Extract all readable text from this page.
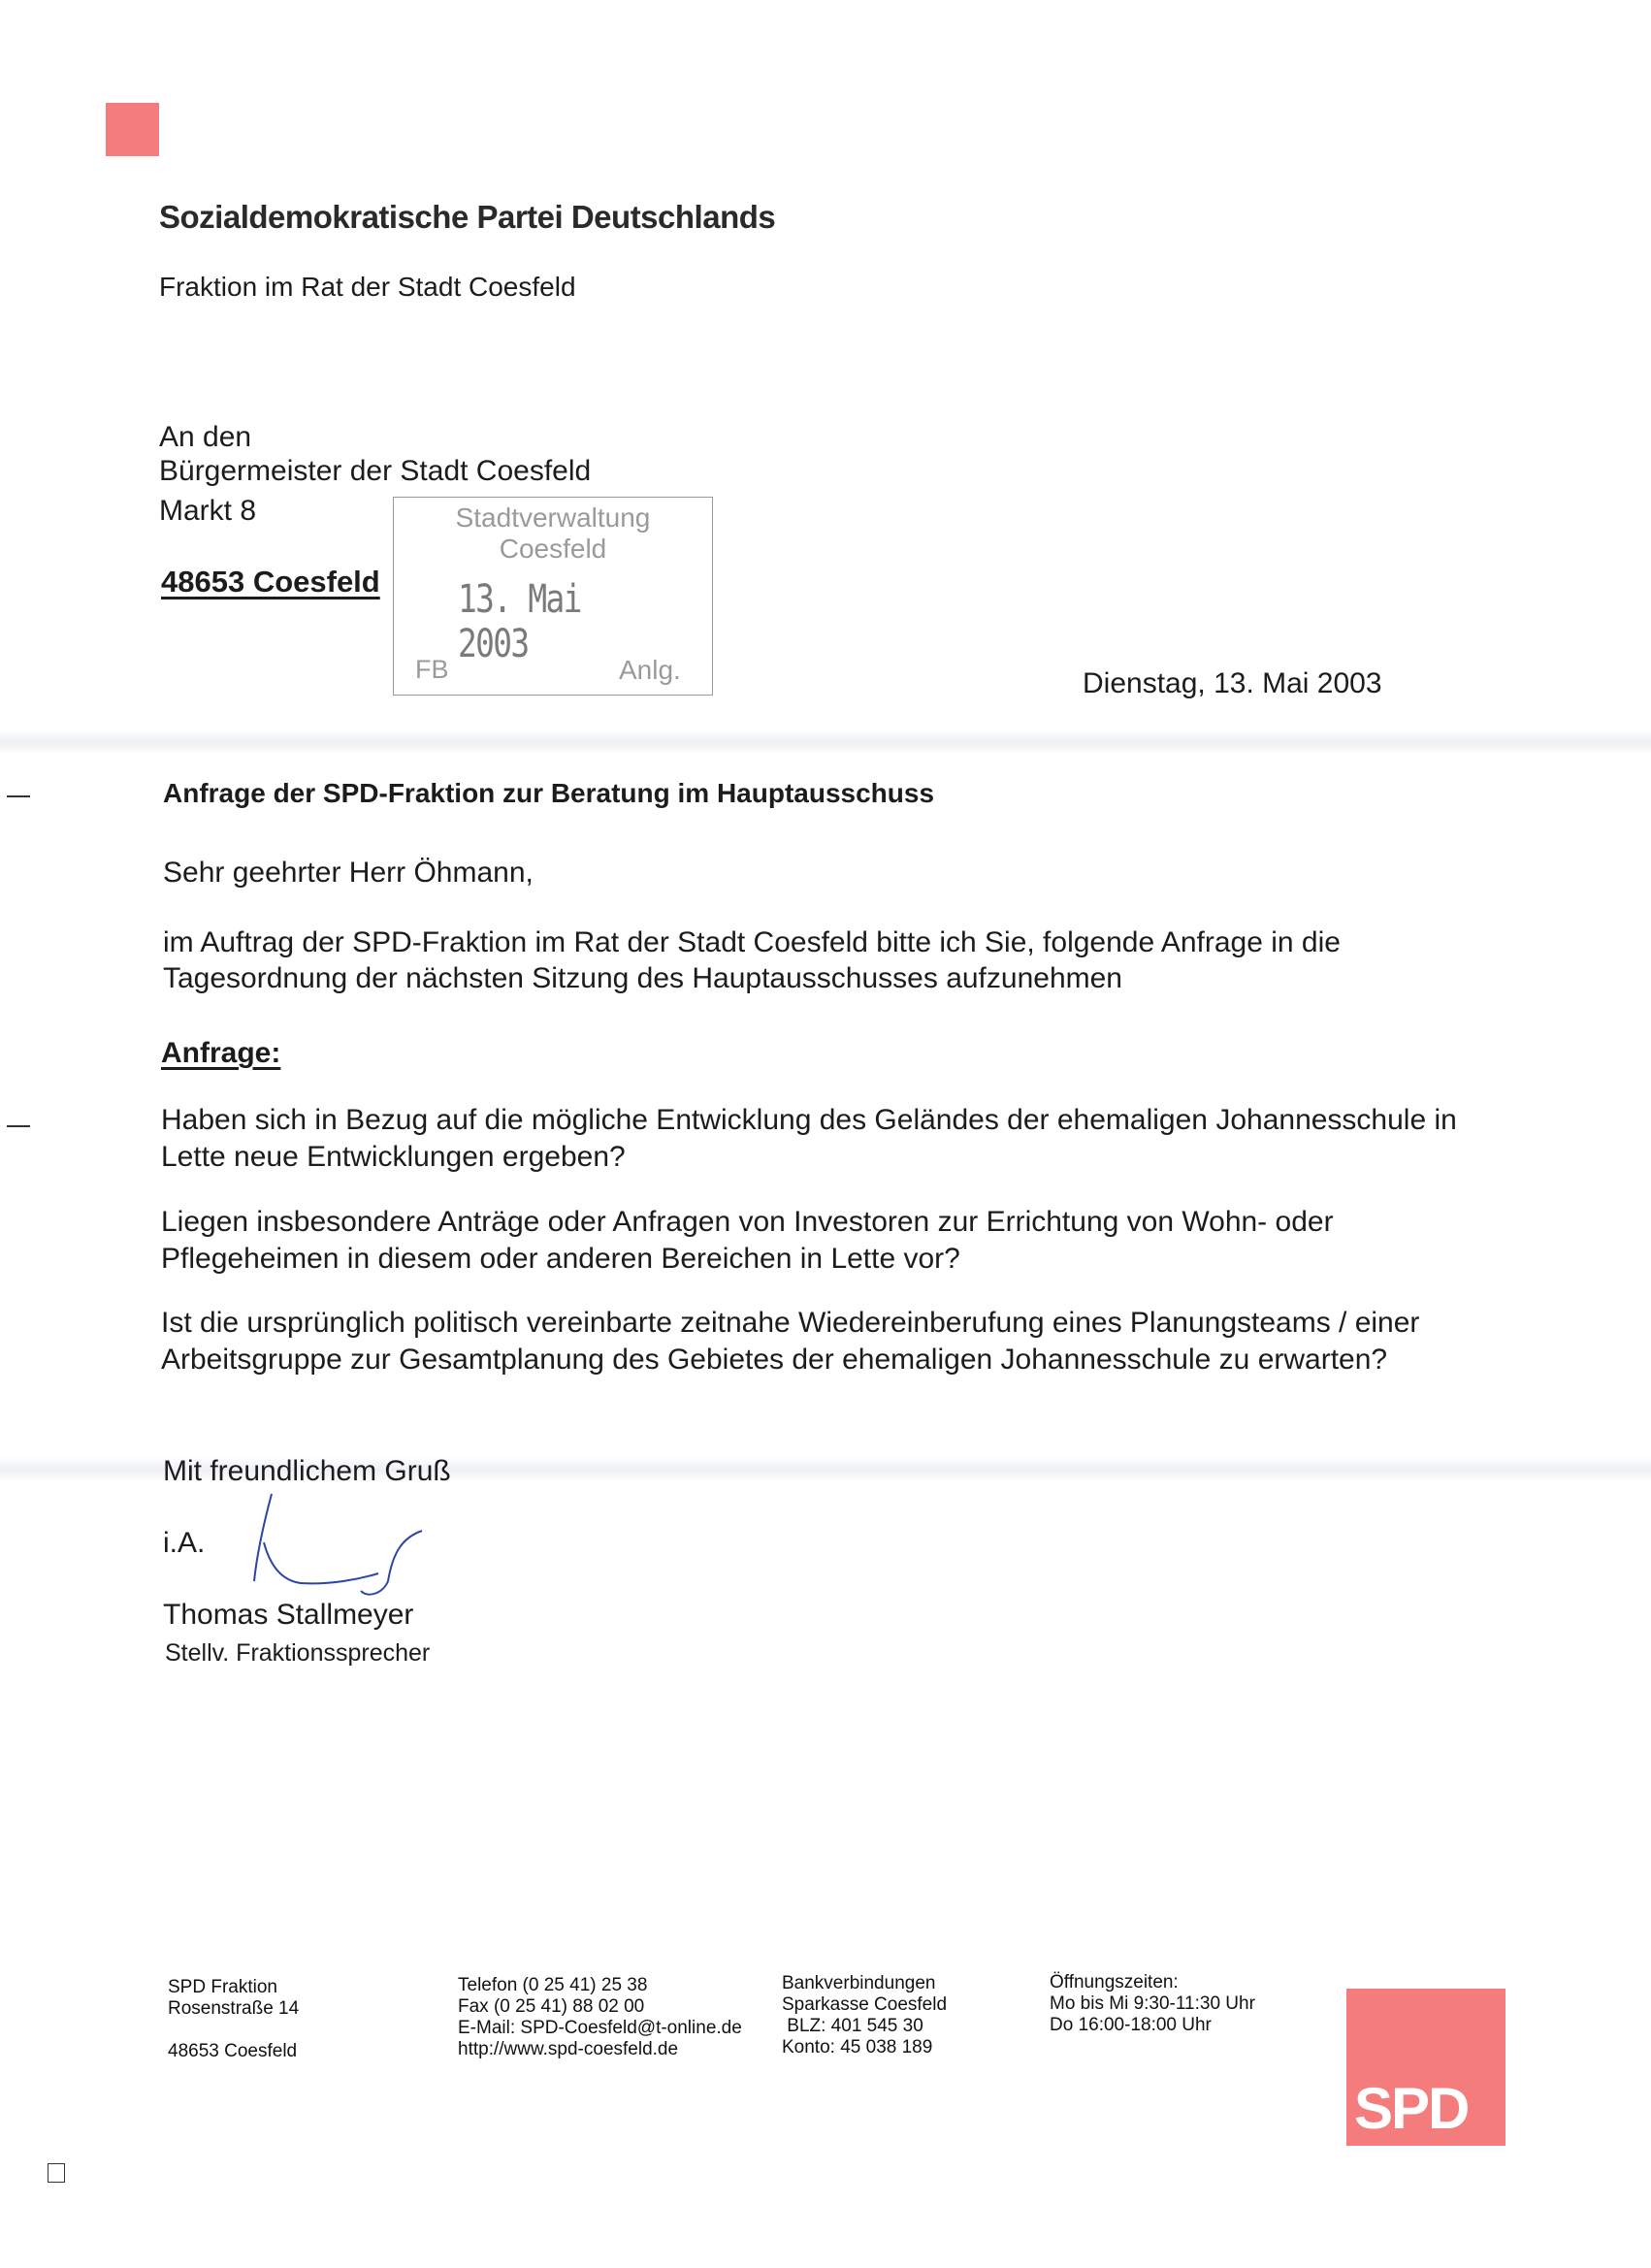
Sozialdemokratische Partei Deutschlands
Fraktion im Rat der Stadt Coesfeld
An den
Bürgermeister der Stadt Coesfeld
Markt 8
48653 Coesfeld
Stadtverwaltung
Coesfeld
13. Mai 2003
FB	Anlg.	Dienstag, 13. Mai 2003
Anfrage der SPD-Fraktion zur Beratung im Hauptausschuss
Sehr geehrter Herr Öhmann,
im Auftrag der SPD-Fraktion im Rat der Stadt Coesfeld bitte ich Sie, folgende Anfrage in die
Tagesordnung der nächsten Sitzung des Hauptausschusses aufzunehmen
Anfrage:
Haben sich in Bezug auf die mögliche Entwicklung des Geländes der ehemaligen Johannesschule in
Lette neue Entwicklungen ergeben?
Liegen insbesondere Anträge oder Anfragen von Investoren zur Errichtung von Wohn- oder
Pflegeheimen in diesem oder anderen Bereichen in Lette vor?
Ist die ursprünglich politisch vereinbarte zeitnahe Wiedereinberufung eines Planungsteams / einer
Arbeitsgruppe zur Gesamtplanung des Gebietes der ehemaligen Johannesschule zu erwarten?
Mit freundlichem Gruß
i.A.
Thomas Stallmeyer
Stellv. Fraktionssprecher
SPD Fraktion
Rosenstraße 14
48653 Coesfeld
Telefon (0 25 41) 25 38
Fax (0 25 41) 88 02 00
E-Mail: SPD-Coesfeld@t-online.de
http://www.spd-coesfeld.de
Bankverbindungen
Sparkasse Coesfeld
BLZ: 401 545 30
Konto: 45 038 189
Öffnungszeiten:
Mo bis Mi 9:30-11:30 Uhr
Do 16:00-18:00 Uhr
SPD
